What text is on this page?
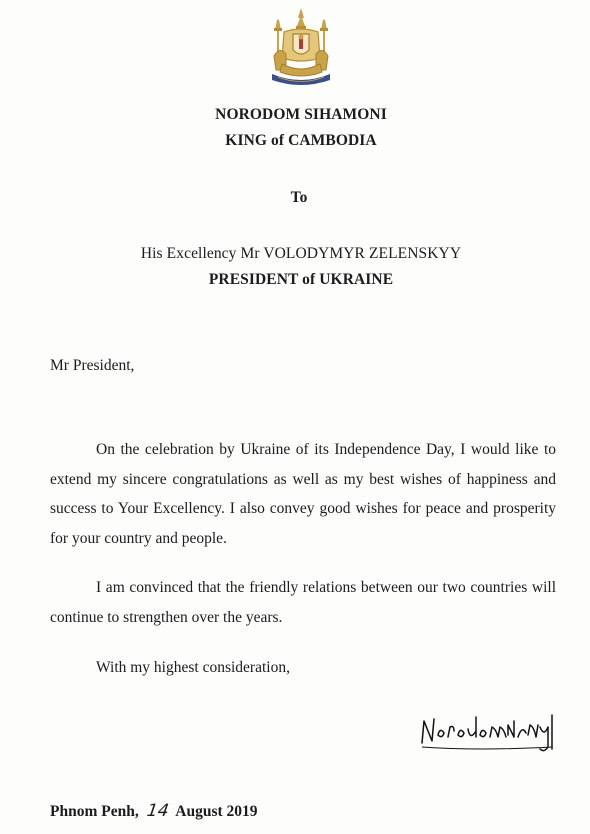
NORODOM SIHAMONI
KING of CAMBODIA
To
His Excellency Mr VOLODYMYR ZELENSKYY
PRESIDENT of UKRAINE
Mr President,
On the celebration by Ukraine of its Independence Day, I would like to extend my sincere congratulations as well as my best wishes of happiness and success to Your Excellency. I also convey good wishes for peace and prosperity for your country and people.
I am convinced that the friendly relations between our two countries will continue to strengthen over the years.
With my highest consideration,
Phnom Penh, 14 August 2019
